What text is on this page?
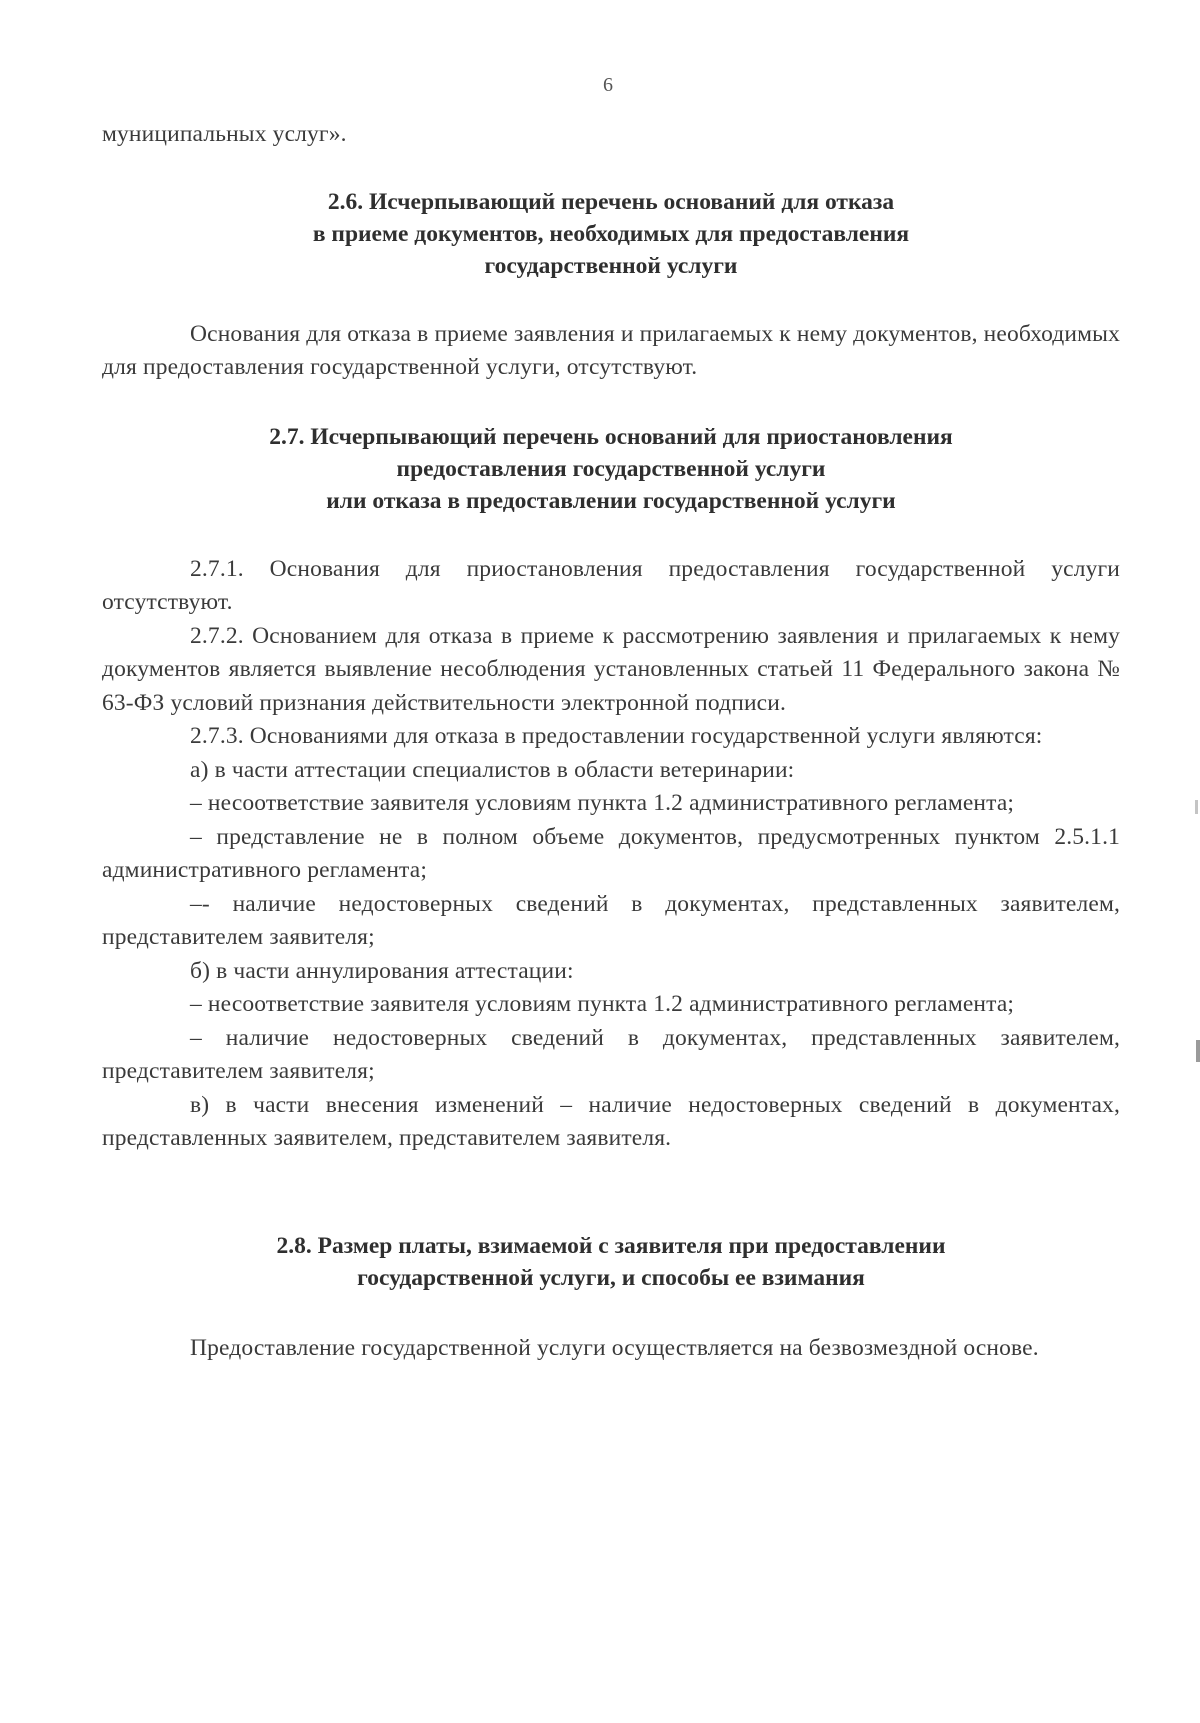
6

муниципальных услуг».

2.6. Исчерпывающий перечень оснований для отказа
в приеме документов, необходимых для предоставления
государственной услуги

Основания для отказа в приеме заявления и прилагаемых к нему документов, необходимых для предоставления государственной услуги, отсутствуют.

2.7. Исчерпывающий перечень оснований для приостановления
предоставления государственной услуги
или отказа в предоставлении государственной услуги

2.7.1. Основания для приостановления предоставления государственной услуги отсутствуют.

2.7.2. Основанием для отказа в приеме к рассмотрению заявления и прилагаемых к нему документов является выявление несоблюдения установленных статьей 11 Федерального закона № 63-ФЗ условий признания действительности электронной подписи.

2.7.3. Основаниями для отказа в предоставлении государственной услуги являются:

а) в части аттестации специалистов в области ветеринарии:

– несоответствие заявителя условиям пункта 1.2 административного регламента;

– представление не в полном объеме документов, предусмотренных пунктом 2.5.1.1 административного регламента;

–- наличие недостоверных сведений в документах, представленных заявителем, представителем заявителя;

б) в части аннулирования аттестации:

– несоответствие заявителя условиям пункта 1.2 административного регламента;

– наличие недостоверных сведений в документах, представленных заявителем, представителем заявителя;

в) в части внесения изменений – наличие недостоверных сведений в документах, представленных заявителем, представителем заявителя.

2.8. Размер платы, взимаемой с заявителя при предоставлении
государственной услуги, и способы ее взимания

Предоставление государственной услуги осуществляется на безвозмездной основе.
